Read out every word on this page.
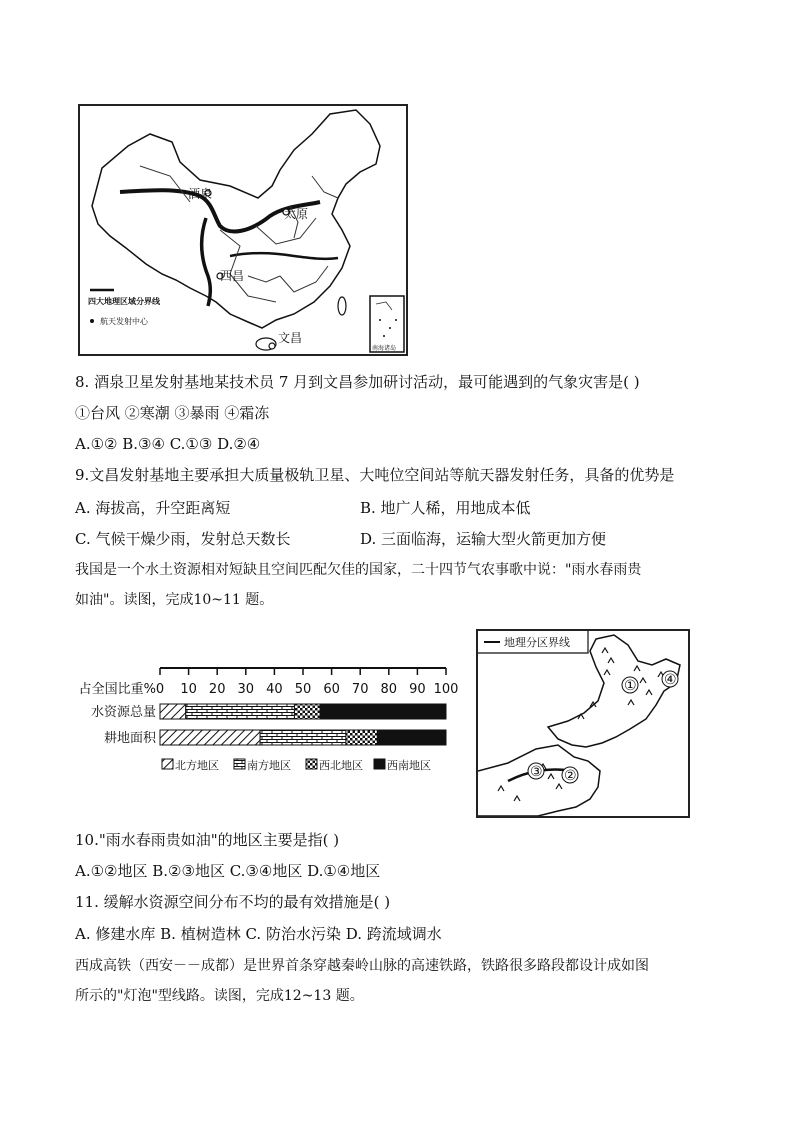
酒泉
太原
西昌
文昌
四大地理区域分界线
航天发射中心
南海诸岛
8. 酒泉卫星发射基地某技术员 7 月到文昌参加研讨活动，最可能遇到的气象灾害是( )
①台风 ②寒潮 ③暴雨 ④霜冻
A.①② B.③④ C.①③ D.②④
9.文昌发射基地主要承担大质量极轨卫星、大吨位空间站等航天器发射任务，具备的优势是
A. 海拔高，升空距离短	B. 地广人稀，用地成本低
C. 气候干燥少雨，发射总天数长	D. 三面临海，运输大型火箭更加方便
我国是一个水土资源相对短缺且空间匹配欠佳的国家，二十四节气农事歌中说："雨水春雨贵
如油"。读图，完成10~11 题。
0 10 20 30 40 50 60 70 80 90 100
占全国比重%
水资源总量
耕地面积
北方地区	南方地区	西北地区 西南地区
地理分区界线
① ④
③ ②
10."雨水春雨贵如油"的地区主要是指( )
A.①②地区 B.②③地区 C.③④地区 D.①④地区
11. 缓解水资源空间分布不均的最有效措施是( )
A. 修建水库 B. 植树造林 C. 防治水污染 D. 跨流域调水
西成高铁（西安－－成都）是世界首条穿越秦岭山脉的高速铁路，铁路很多路段都设计成如图
所示的"灯泡"型线路。读图，完成12~13 题。
